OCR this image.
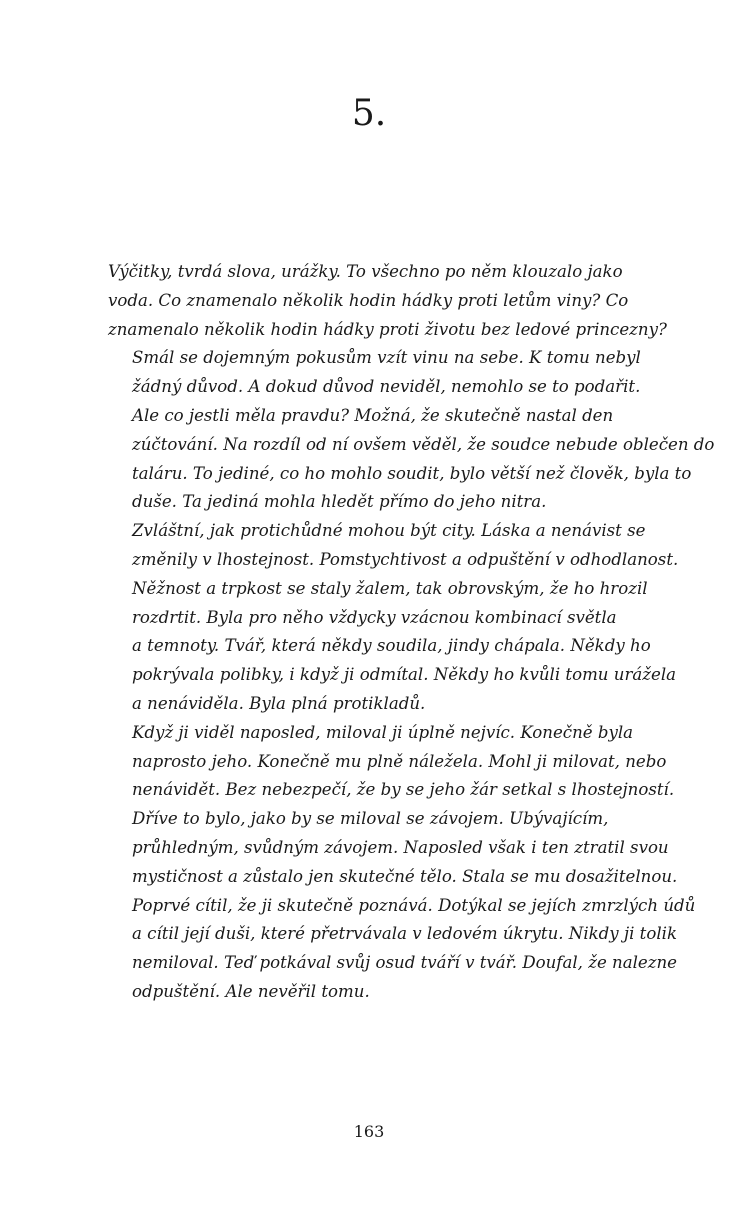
5.

Výčitky, tvrdá slova, urážky. To všechno po něm klouzalo jako
voda. Co znamenalo několik hodin hádky proti letům viny? Co
znamenalo několik hodin hádky proti životu bez ledové princezny?

Smál se dojemným pokusům vzít vinu na sebe. K tomu nebyl
žádný důvod. A dokud důvod neviděl, nemohlo se to podařit.

Ale co jestli měla pravdu? Možná, že skutečně nastal den
zúčtování. Na rozdíl od ní ovšem věděl, že soudce nebude oblečen do
taláru. To jediné, co ho mohlo soudit, bylo větší než člověk, byla to
duše. Ta jediná mohla hledět přímo do jeho nitra.

Zvláštní, jak protichůdné mohou být city. Láska a nenávist se
změnily v lhostejnost. Pomstychtivost a odpuštění v odhodlanost.
Něžnost a trpkost se staly žalem, tak obrovským, že ho hrozil
rozdrtit. Byla pro něho vždycky vzácnou kombinací světla
a temnoty. Tvář, která někdy soudila, jindy chápala. Někdy ho
pokrývala polibky, i když ji odmítal. Někdy ho kvůli tomu urážela
a nenáviděla. Byla plná protikladů.

Když ji viděl naposled, miloval ji úplně nejvíc. Konečně byla
naprosto jeho. Konečně mu plně náležela. Mohl ji milovat, nebo
nenávidět. Bez nebezpečí, že by se jeho žár setkal s lhostejností.

Dříve to bylo, jako by se miloval se závojem. Ubývajícím,
průhledným, svůdným závojem. Naposled však i ten ztratil svou
mystičnost a zůstalo jen skutečné tělo. Stala se mu dosažitelnou.
Poprvé cítil, že ji skutečně poznává. Dotýkal se jejích zmrzlých údů
a cítil její duši, které přetrvávala v ledovém úkrytu. Nikdy ji tolik
nemiloval. Teď potkával svůj osud tváří v tvář. Doufal, že nalezne
odpuštění. Ale nevěřil tomu.

163
